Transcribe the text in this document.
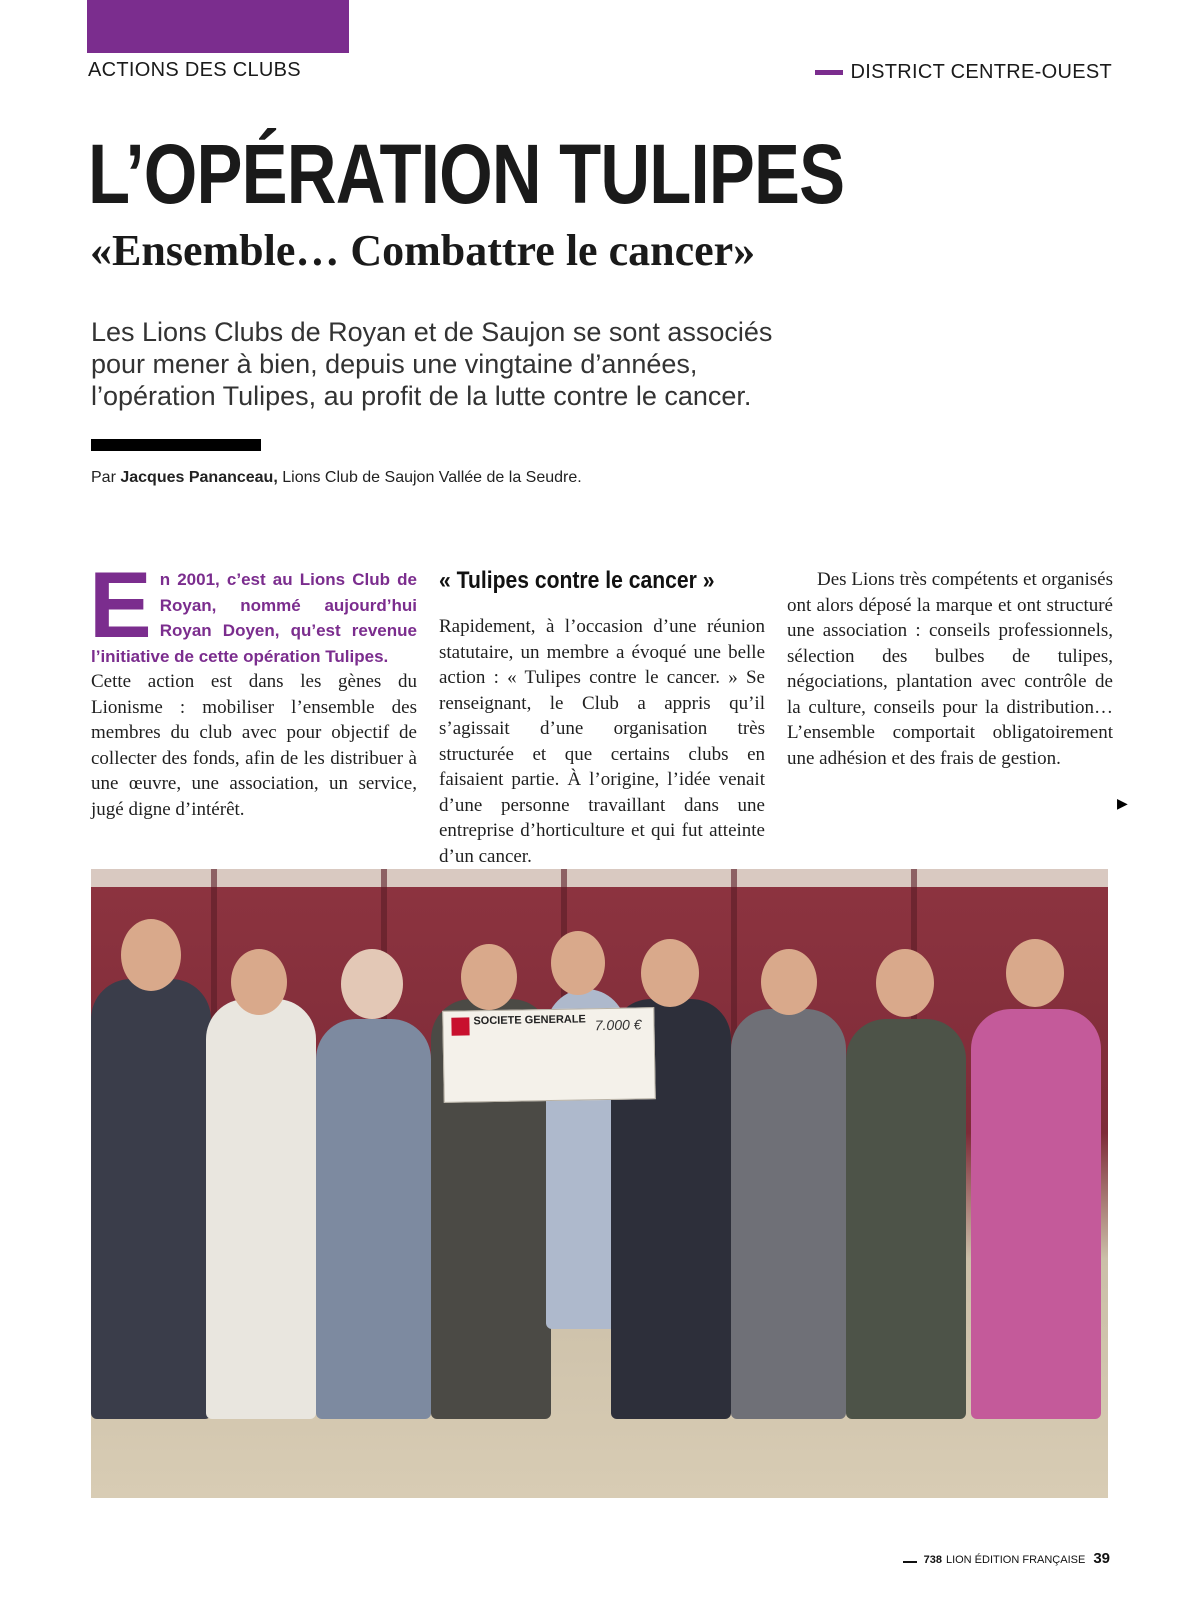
ACTIONS DES CLUBS	DISTRICT CENTRE-OUEST
L’OPÉRATION TULIPES
«Ensemble… Combattre le cancer»

Les Lions Clubs de Royan et de Saujon se sont associés pour mener à bien, depuis une vingtaine d’années, l’opération Tulipes, au profit de la lutte contre le cancer.

Par Jacques Pananceau, Lions Club de Saujon Vallée de la Seudre.
E n 2001, c’est au Lions Club de Royan, nommé aujourd’hui Royan Doyen, qu’est revenue l’initiative de cette opération Tulipes.

Cette action est dans les gènes du Lionisme : mobiliser l’ensemble des membres du club avec pour objectif de collecter des fonds, afin de les distribuer à une œuvre, une association, un service, jugé digne d’intérêt.

« Tulipes contre le cancer »

Rapidement, à l’occasion d’une réunion statutaire, un membre a évoqué une belle action : « Tulipes contre le cancer. » Se renseignant, le Club a appris qu’il s’agissait d’une organisation très structurée et que certains clubs en faisaient partie. À l’origine, l’idée venait d’une personne travaillant dans une entreprise d’horticulture et qui fut atteinte d’un cancer.

Des Lions très compétents et organisés ont alors déposé la marque et ont structuré une association : conseils professionnels, sélection des bulbes de tulipes, négociations, plantation avec contrôle de la culture, conseils pour la distribution… L’ensemble comportait obligatoirement une adhésion et des frais de gestion.

▶
SOCIETE GENERALE 7.000 €
738 LION ÉDITION FRANÇAISE 39
